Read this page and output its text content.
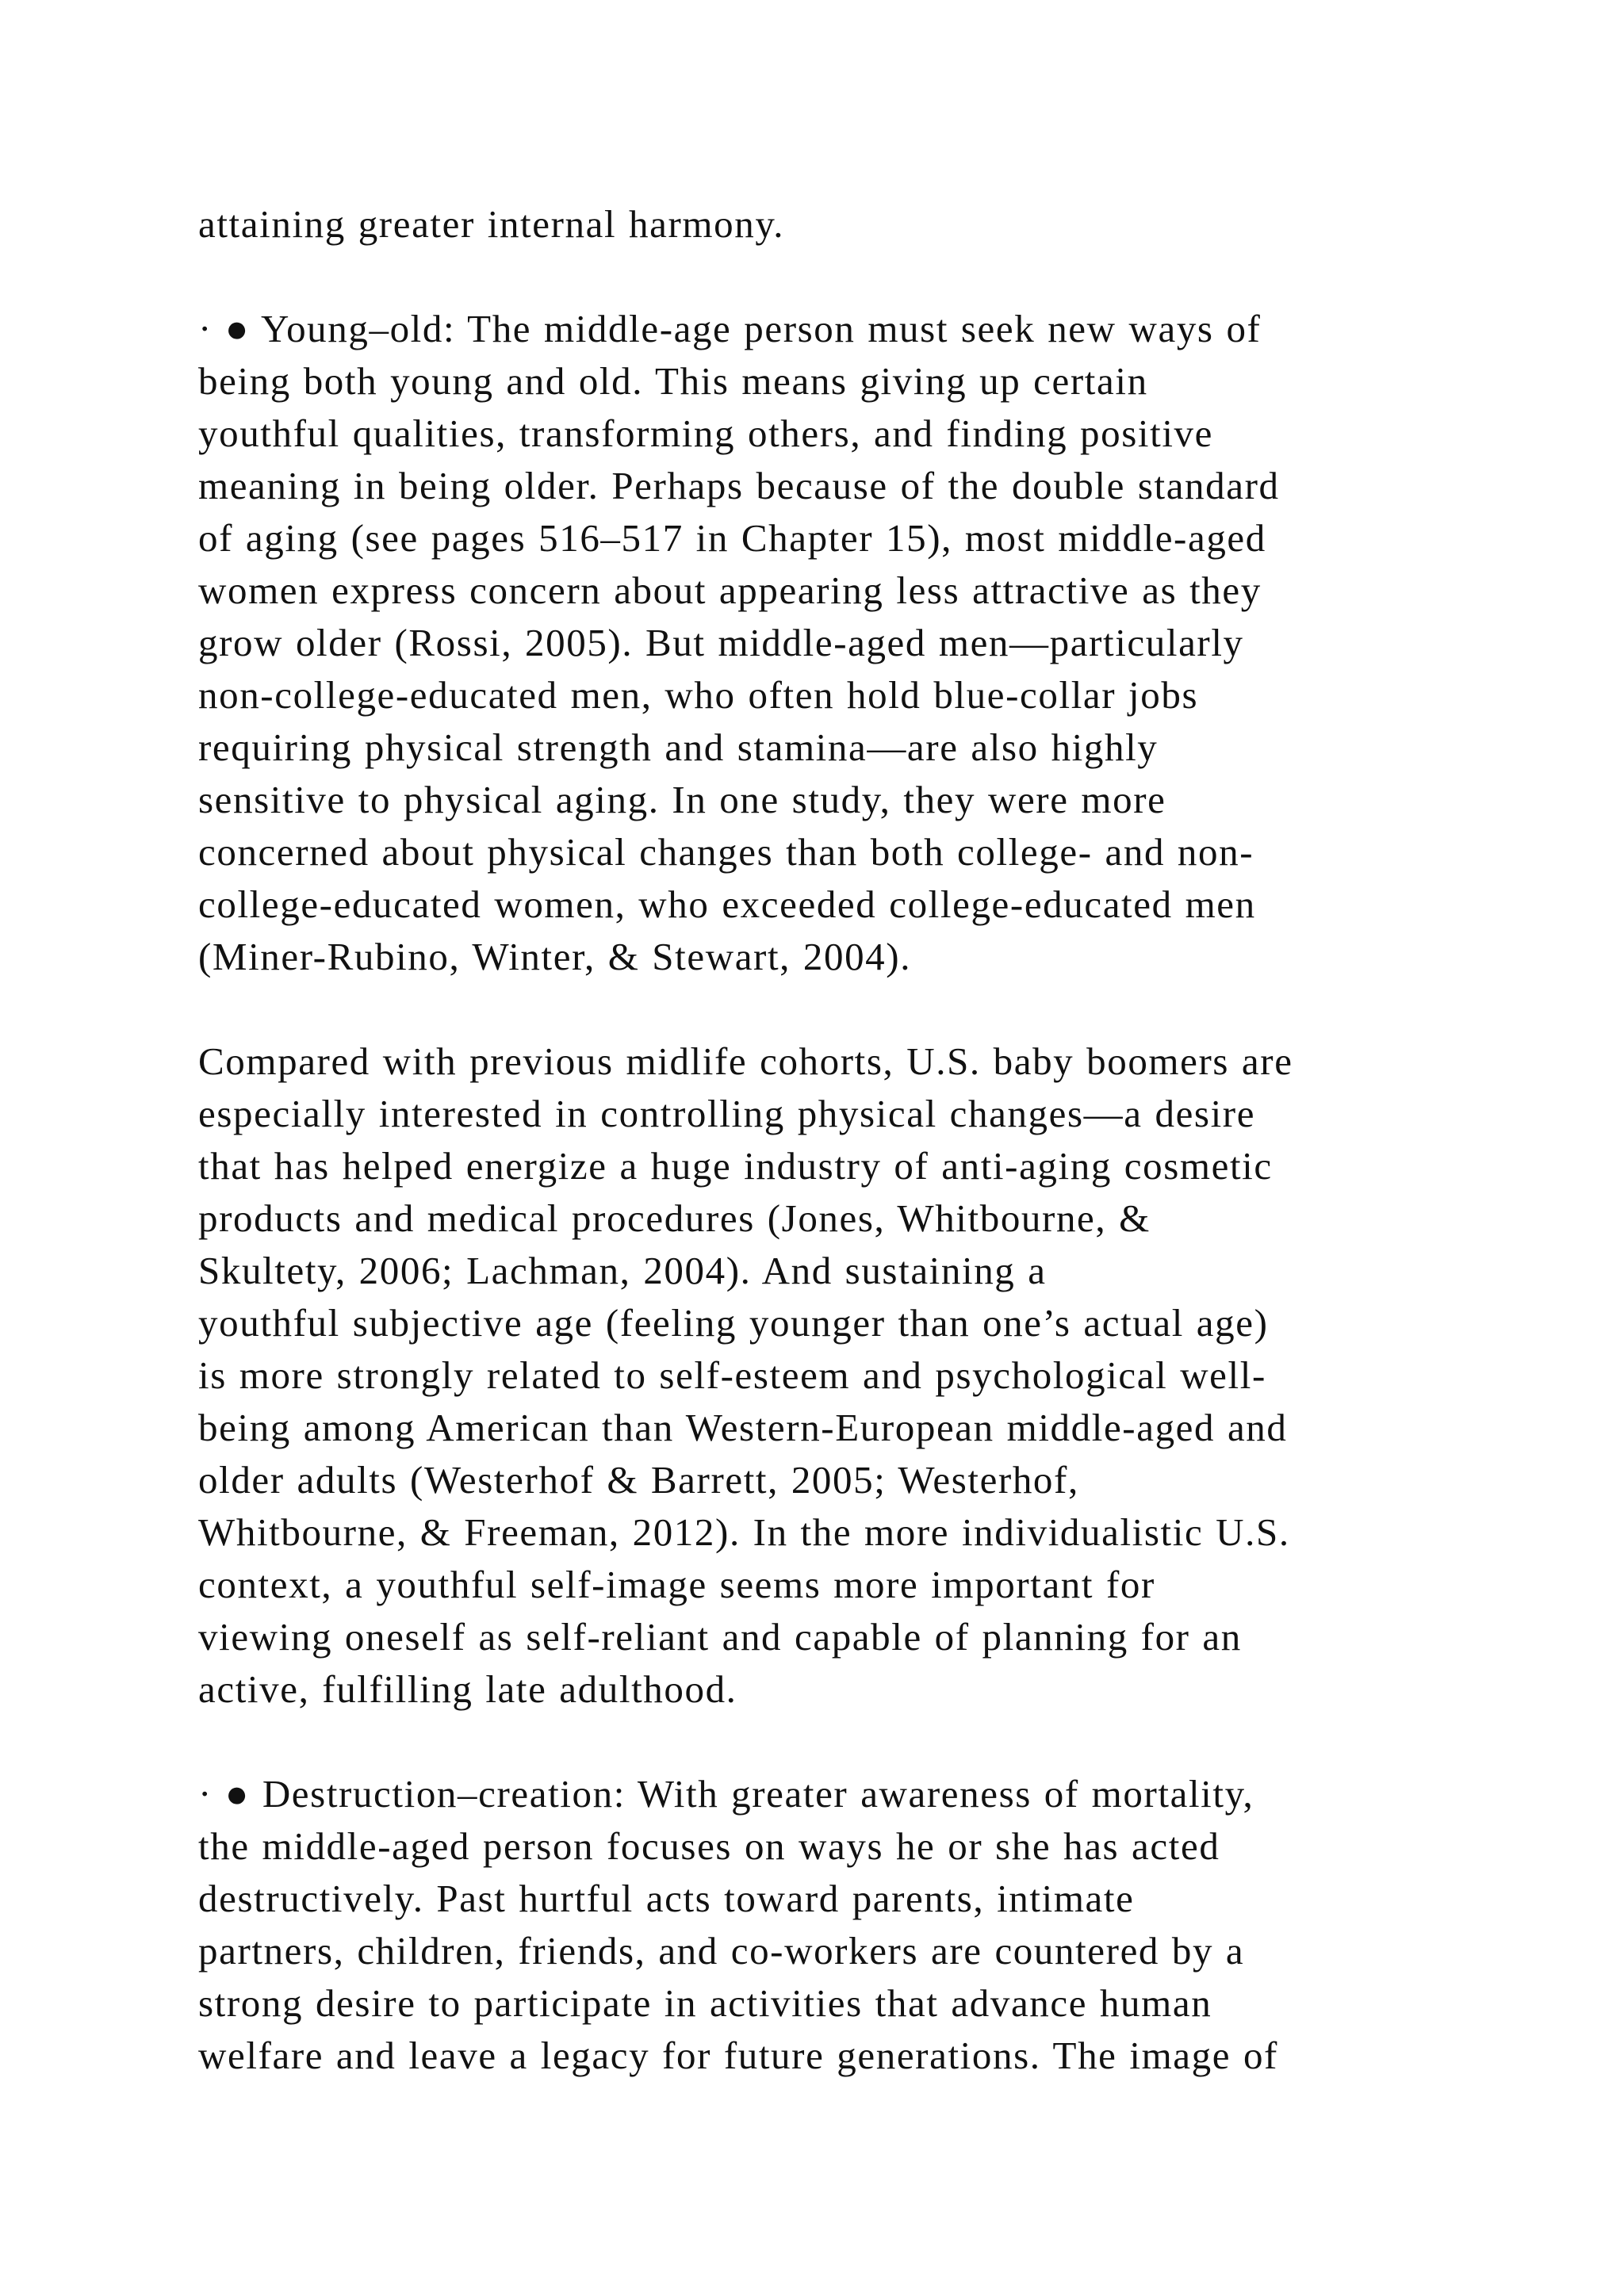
attaining greater internal harmony.
· ● Young–old: The middle-age person must seek new ways of
being both young and old. This means giving up certain
youthful qualities, transforming others, and finding positive
meaning in being older. Perhaps because of the double standard
of aging (see pages 516–517 in Chapter 15), most middle-aged
women express concern about appearing less attractive as they
grow older (Rossi, 2005). But middle-aged men—particularly
non-college-educated men, who often hold blue-collar jobs
requiring physical strength and stamina—are also highly
sensitive to physical aging. In one study, they were more
concerned about physical changes than both college- and non-
college-educated women, who exceeded college-educated men
(Miner-Rubino, Winter, & Stewart, 2004).
Compared with previous midlife cohorts, U.S. baby boomers are
especially interested in controlling physical changes—a desire
that has helped energize a huge industry of anti-aging cosmetic
products and medical procedures (Jones, Whitbourne, &
Skultety, 2006; Lachman, 2004). And sustaining a
youthful subjective age (feeling younger than one’s actual age)
is more strongly related to self-esteem and psychological well-
being among American than Western-European middle-aged and
older adults (Westerhof & Barrett, 2005; Westerhof,
Whitbourne, & Freeman, 2012). In the more individualistic U.S.
context, a youthful self-image seems more important for
viewing oneself as self-reliant and capable of planning for an
active, fulfilling late adulthood.
· ● Destruction–creation: With greater awareness of mortality,
the middle-aged person focuses on ways he or she has acted
destructively. Past hurtful acts toward parents, intimate
partners, children, friends, and co-workers are countered by a
strong desire to participate in activities that advance human
welfare and leave a legacy for future generations. The image of
